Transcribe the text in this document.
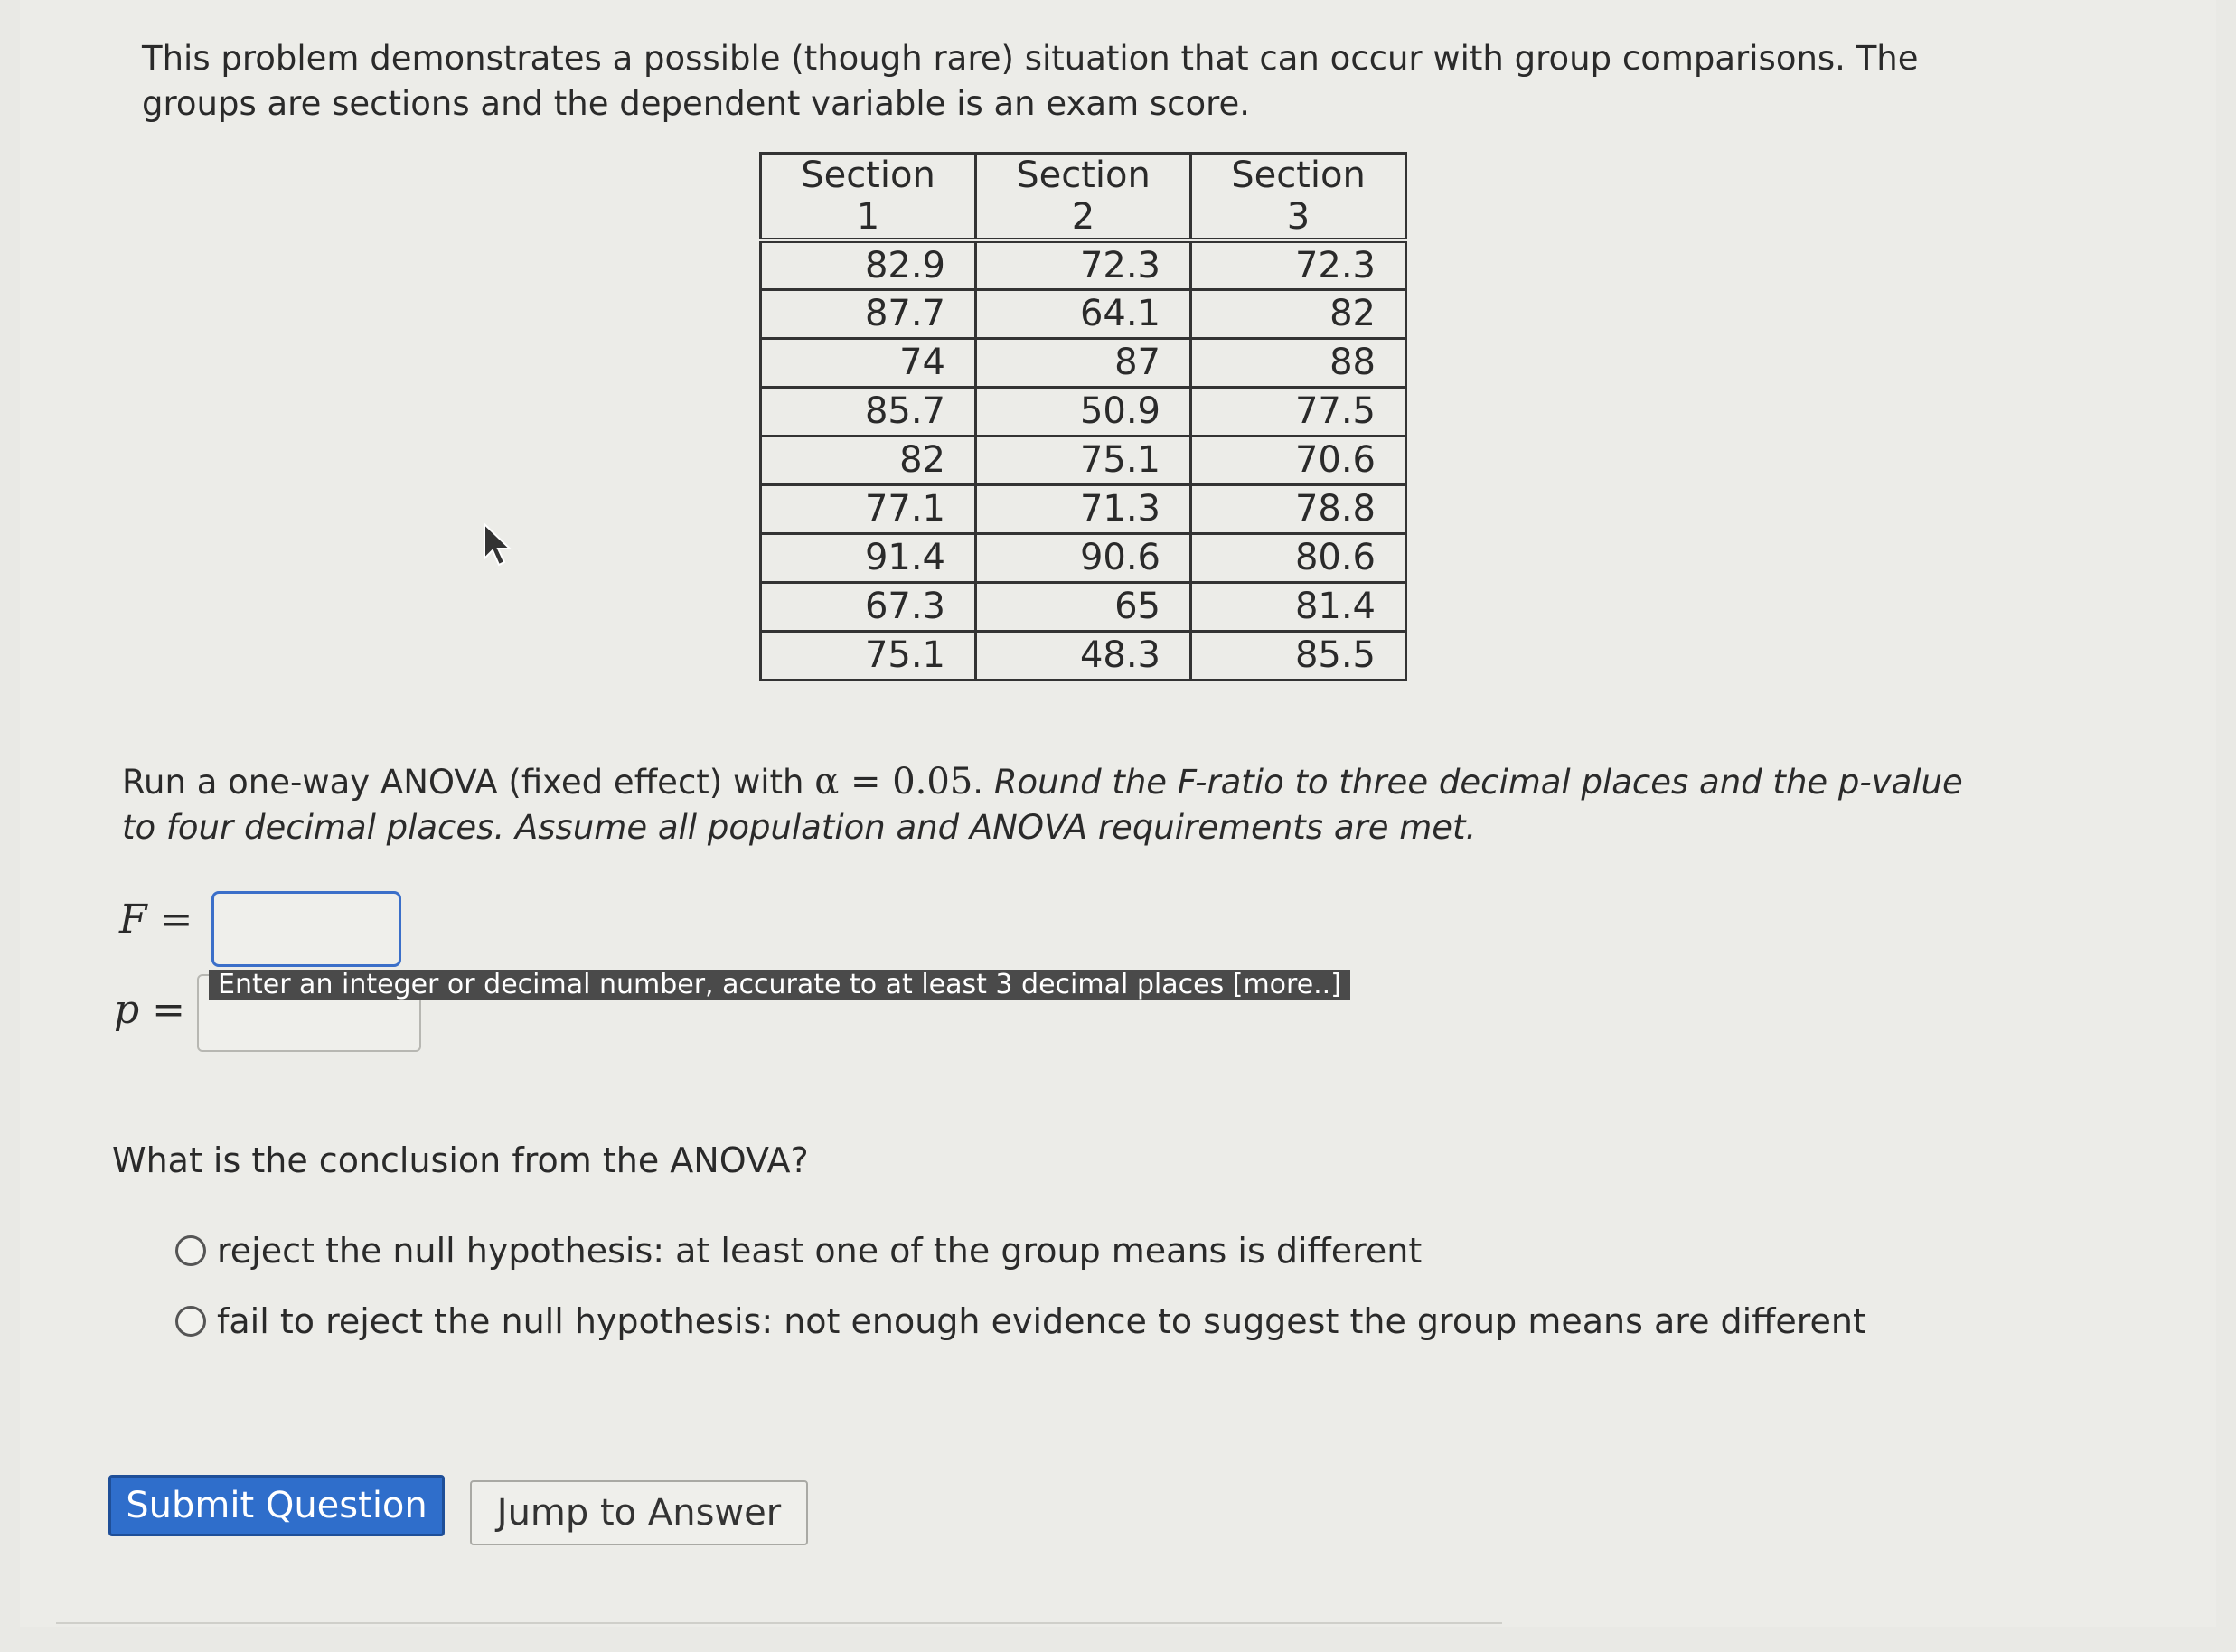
This problem demonstrates a possible (though rare) situation that can occur with group comparisons. The groups are sections and the dependent variable is an exam score.

Section 1	Section 2	Section 3
82.9	72.3	72.3
87.7	64.1	82
74	87	88
85.7	50.9	77.5
82	75.1	70.6
77.1	71.3	78.8
91.4	90.6	80.6
67.3	65	81.4
75.1	48.3	85.5

Run a one-way ANOVA (fixed effect) with α = 0.05. Round the F-ratio to three decimal places and the p-value to four decimal places. Assume all population and ANOVA requirements are met.

F =
p =
Enter an integer or decimal number, accurate to at least 3 decimal places [more..]

What is the conclusion from the ANOVA?

reject the null hypothesis: at least one of the group means is different
fail to reject the null hypothesis: not enough evidence to suggest the group means are different
Submit Question	Jump to Answer
